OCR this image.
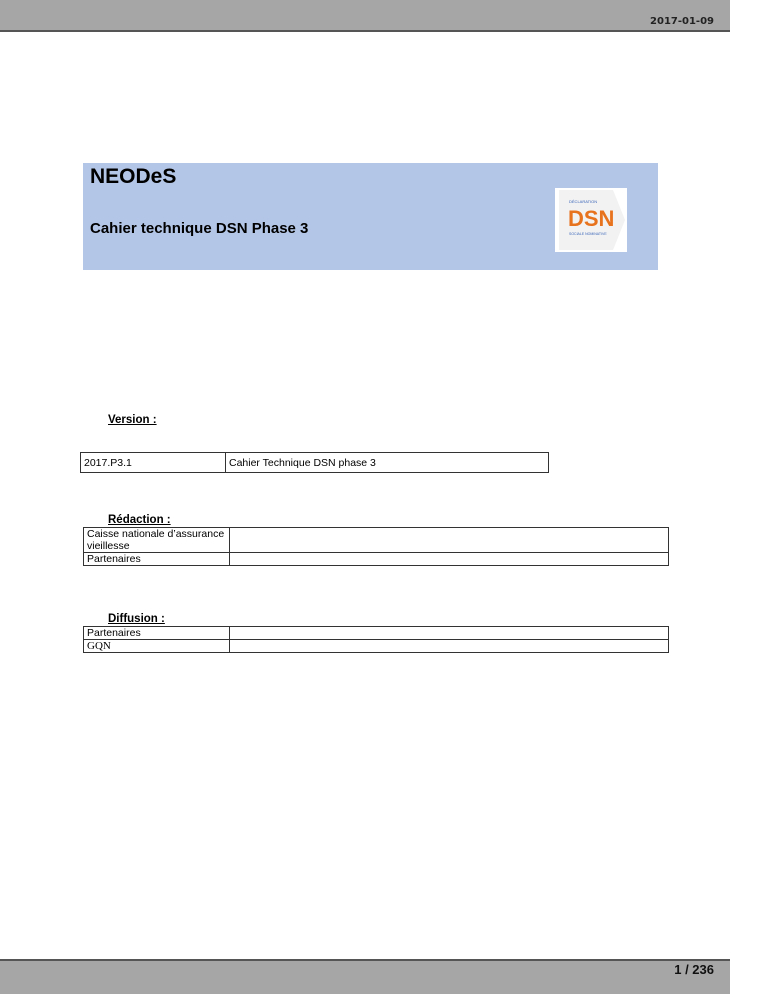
2017-01-09
NEODeS
Cahier technique DSN Phase 3
DÉCLARATION
DSN
SOCIALE NOMINATIVE
Version :
2017.P3.1	Cahier Technique DSN phase 3
Rédaction :
Caisse nationale d’assurance vieillesse	
Partenaires	
Diffusion :
Partenaires	
GQN	
1 / 236
